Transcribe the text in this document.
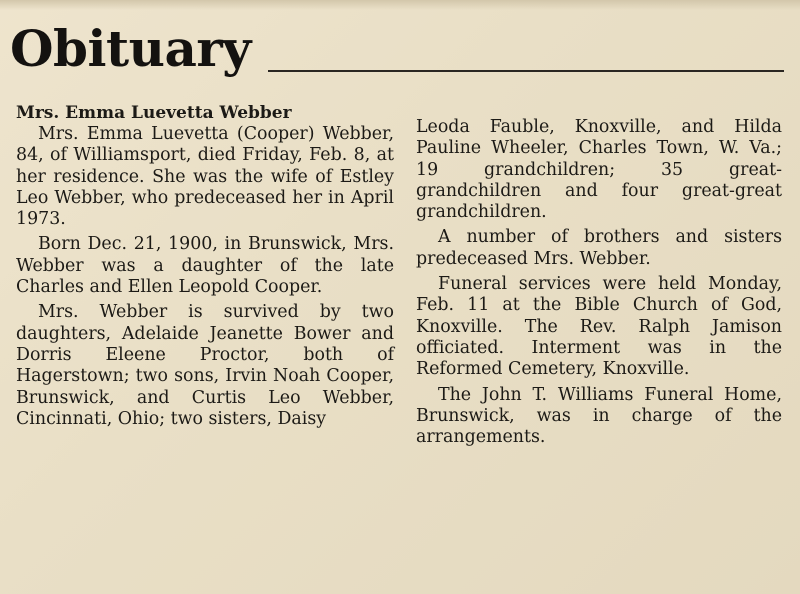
Obituary

Mrs. Emma Luevetta Webber

Mrs. Emma Luevetta (Cooper) Webber, 84, of Williamsport, died Friday, Feb. 8, at her residence. She was the wife of Estley Leo Webber, who predeceased her in April 1973.

Born Dec. 21, 1900, in Brunswick, Mrs. Webber was a daughter of the late Charles and Ellen Leopold Cooper.

Mrs. Webber is survived by two daughters, Adelaide Jeanette Bower and Dorris Eleene Proctor, both of Hagerstown; two sons, Irvin Noah Cooper, Brunswick, and Curtis Leo Webber, Cincinnati, Ohio; two sisters, Daisy

Leoda Fauble, Knoxville, and Hilda Pauline Wheeler, Charles Town, W. Va.; 19 grandchildren; 35 great-grandchildren and four great-great grandchildren.

A number of brothers and sisters predeceased Mrs. Webber.

Funeral services were held Monday, Feb. 11 at the Bible Church of God, Knoxville. The Rev. Ralph Jamison officiated. Interment was in the Reformed Cemetery, Knoxville.

The John T. Williams Funeral Home, Brunswick, was in charge of the arrangements.
